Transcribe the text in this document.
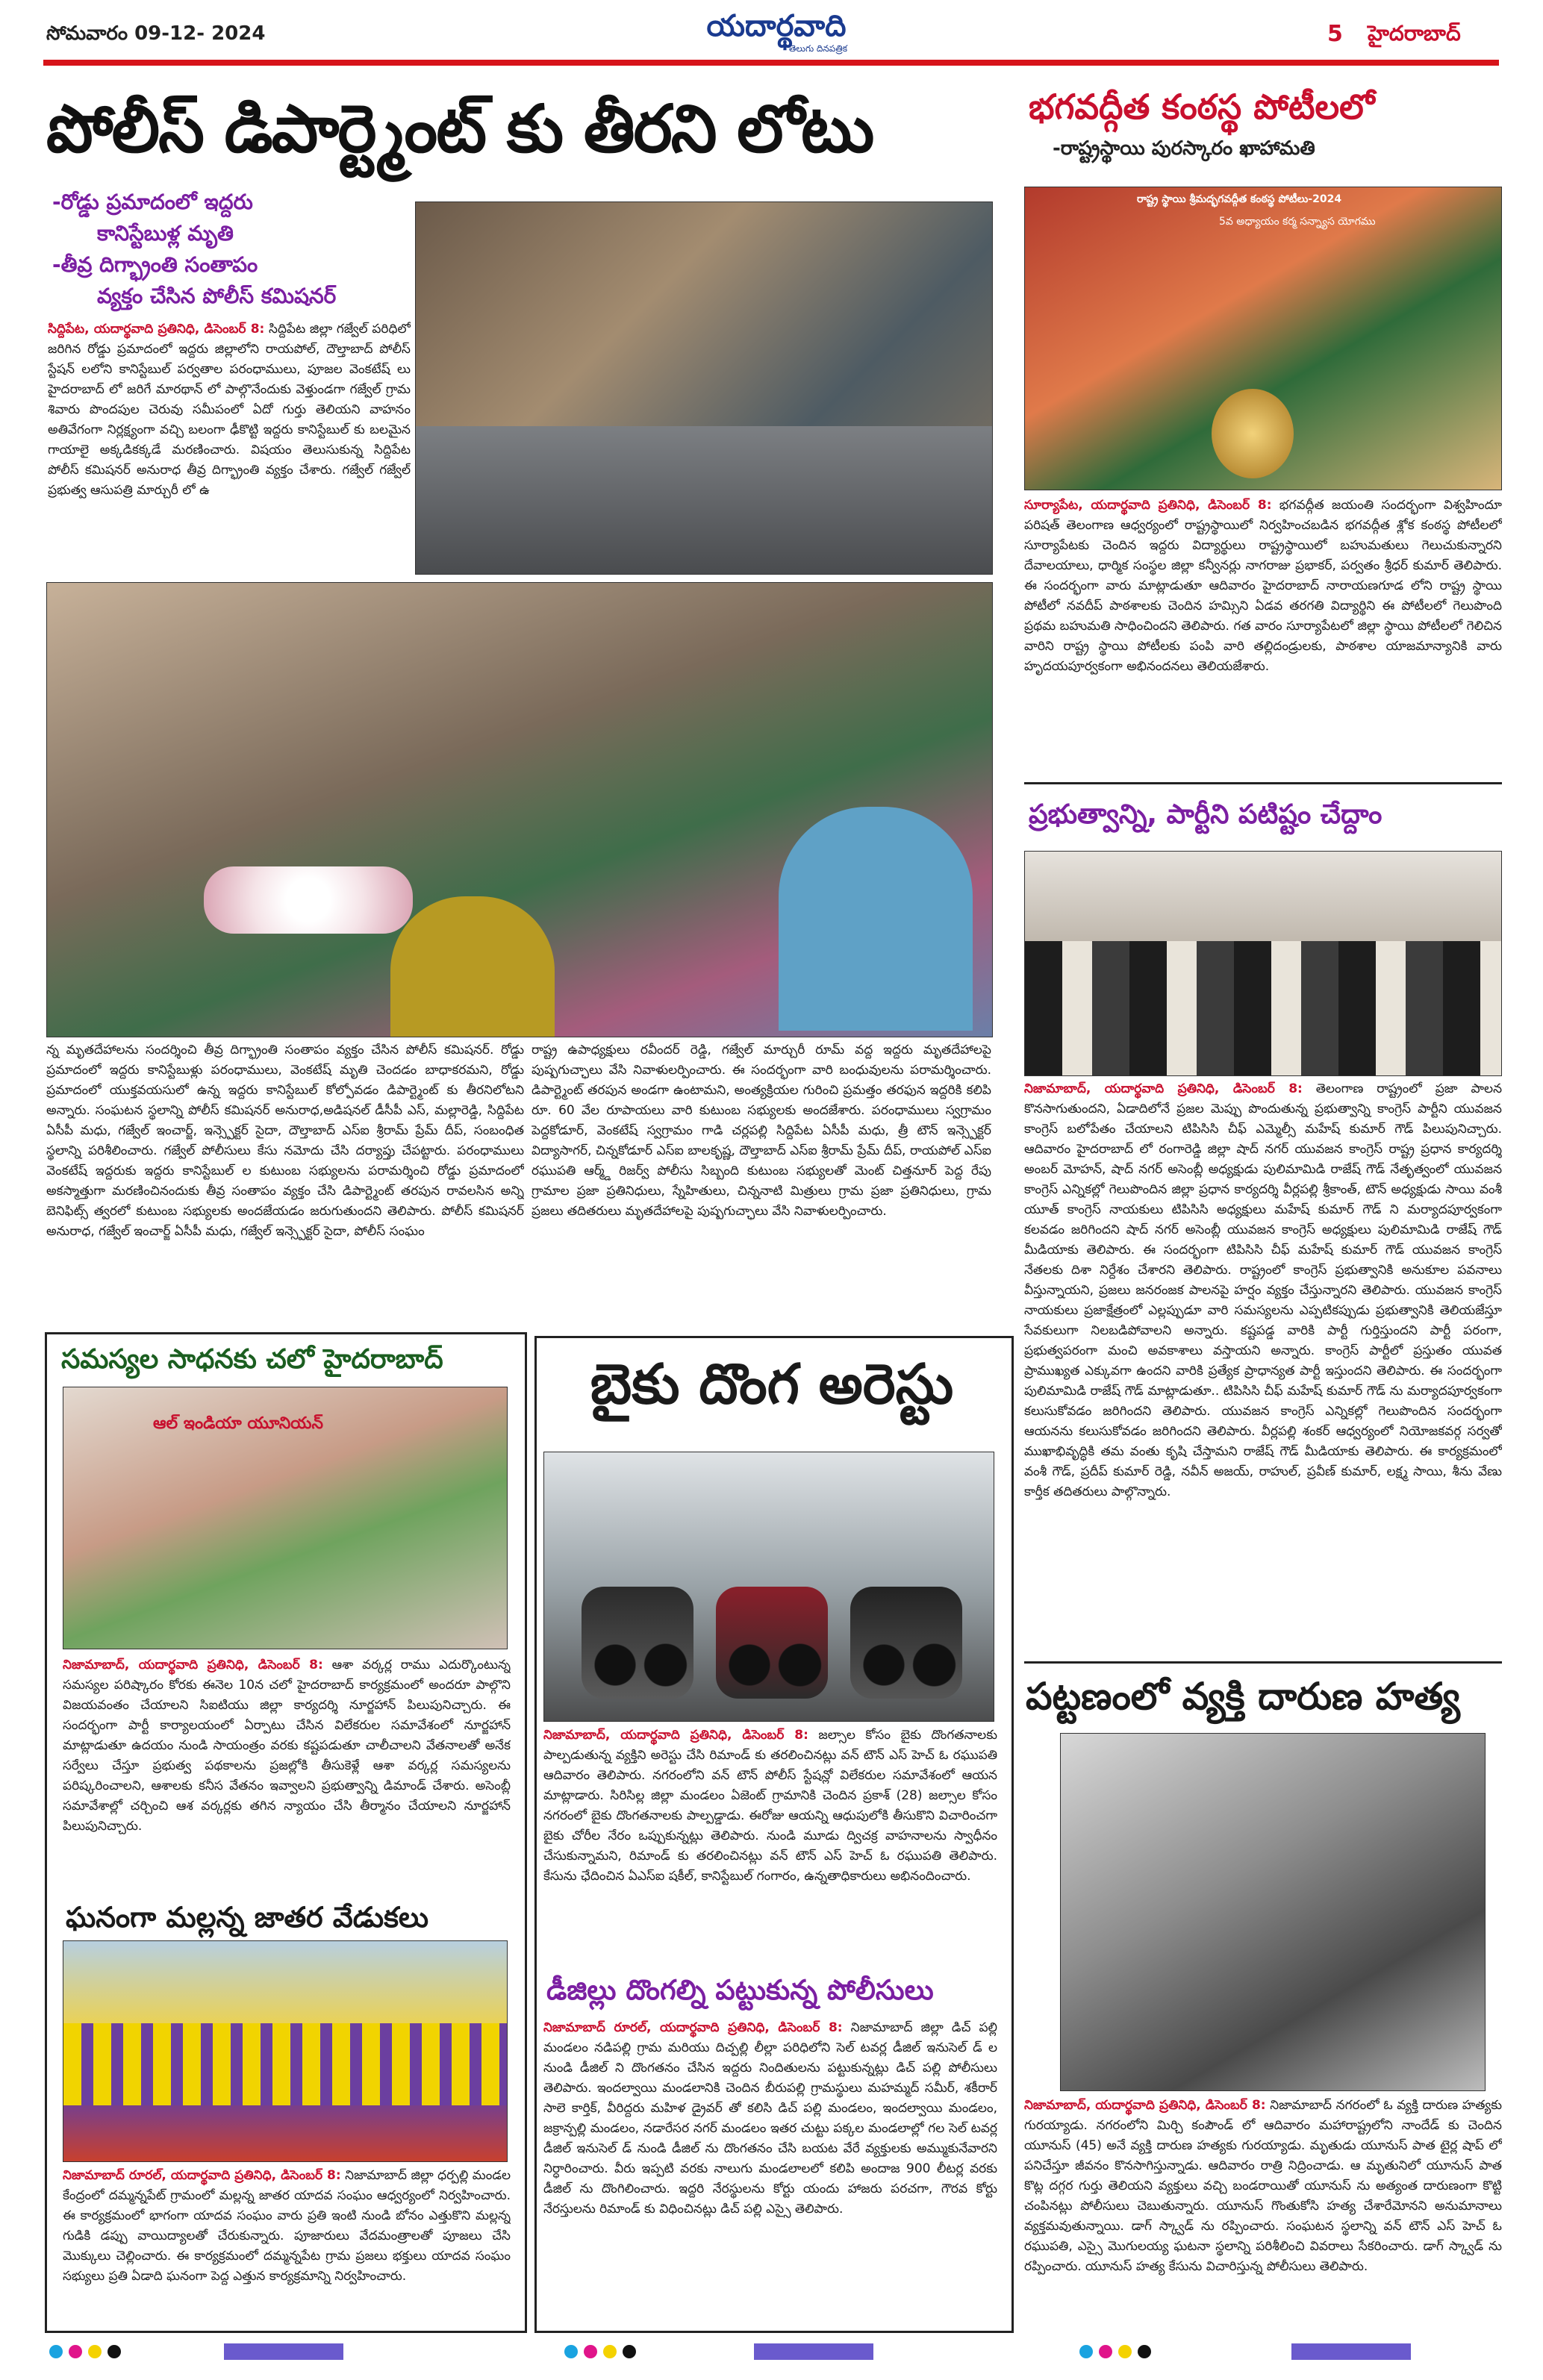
సోమవారం 09-12- 2024	యదార్థవాది
తెలుగు దినపత్రిక
5 హైదరాబాద్
పోలీస్ డిపార్ట్మెంట్ కు తీరని లోటు
-రోడ్డు ప్రమాదంలో ఇద్దరు
కానిస్టేబుళ్ల మృతి
-తీవ్ర దిగ్భ్రాంతి సంతాపం
వ్యక్తం చేసిన పోలీస్ కమిషనర్
సిద్దిపేట, యదార్థవాది ప్రతినిధి, డిసెంబర్ 8: సిద్దిపేట జిల్లా గజ్వేల్ పరిధిలో జరిగిన రోడ్డు ప్రమాదంలో ఇద్దరు జిల్లాలోని రాయపోల్, దౌల్తాబాద్ పోలీస్ స్టేషన్ లలోని కానిస్టేబుల్ పర్వతాల పరంధాములు, పూజల వెంకటేష్ లు హైదరాబాద్ లో జరిగే మారథాన్ లో పాల్గొనేందుకు వెళ్తుండగా గజ్వేల్ గ్రామ శివారు పొందపుల చెరువు సమీపంలో ఏదో గుర్తు తెలియని వాహనం అతివేగంగా నిర్లక్ష్యంగా వచ్చి బలంగా ఢీకొట్టి ఇద్దరు కానిస్టేబుల్ కు బలమైన గాయాలై అక్కడికక్కడే మరణించారు. విషయం తెలుసుకున్న సిద్దిపేట పోలీస్ కమిషనర్ అనురాధ తీవ్ర దిగ్భ్రాంతి వ్యక్తం చేశారు. గజ్వేల్ గజ్వేల్ ప్రభుత్వ ఆసుపత్రి మార్చురీ లో ఉ
న్న మృతదేహాలను సందర్శించి తీవ్ర దిగ్భ్రాంతి సంతాపం వ్యక్తం చేసిన పోలీస్ కమిషనర్. రోడ్డు ప్రమాదంలో ఇద్దరు కానిస్టేబుళ్లు పరంధాములు, వెంకటేష్ మృతి చెందడం బాధాకరమని, రోడ్డు ప్రమాదంలో యుక్తవయసులో ఉన్న ఇద్దరు కానిస్టేబుల్ కోల్పోవడం డిపార్ట్మెంట్ కు తీరనిలోటని అన్నారు. సంఘటన స్థలాన్ని పోలీస్ కమిషనర్ అనురాధ,అడిషనల్ డీసీపీ ఎస్, మల్లారెడ్డి, సిద్దిపేట ఏసీపీ మధు, గజ్వేల్ ఇంచార్జ్, ఇన్స్పెక్టర్ సైదా, దౌల్తాబాద్ ఎస్ఐ శ్రీరామ్ ప్రేమ్ దీప్, సంబంధిత స్థలాన్ని పరిశీలించారు. గజ్వేల్ పోలీసులు కేసు నమోదు చేసి దర్యాప్తు చేపట్టారు. పరంధాములు వెంకటేష్ ఇద్దరుకు ఇద్దరు కానిస్టేబుల్ ల కుటుంబ సభ్యులను పరామర్శించి రోడ్డు ప్రమాదంలో అకస్మాత్తుగా మరణించినందుకు తీవ్ర సంతాపం వ్యక్తం చేసి డిపార్ట్మెంట్ తరపున రావలసిన అన్ని బెనిఫిట్స్ త్వరలో కుటుంబ సభ్యులకు అందజేయడం జరుగుతుందని తెలిపారు. పోలీస్ కమిషనర్ అనురాధ, గజ్వేల్ ఇంచార్జ్ ఏసీపీ మధు, గజ్వేల్ ఇన్స్పెక్టర్ సైదా, పోలీస్ సంఘం
రాష్ట్ర ఉపాధ్యక్షులు రవీందర్ రెడ్డి, గజ్వేల్ మార్చురీ రూమ్ వద్ద ఇద్దరు మృతదేహాలపై పుష్పగుచ్ఛాలు వేసి నివాళులర్పించారు. ఈ సందర్భంగా వారి బంధువులను పరామర్శించారు. డిపార్ట్మెంట్ తరపున అండగా ఉంటామని, అంత్యక్రియల గురించి ప్రమత్తం తరఫున ఇద్దరికి కలిపి రూ. 60 వేల రూపాయలు వారి కుటుంబ సభ్యులకు అందజేశారు. పరంధాములు స్వగ్రామం పెద్దకోడూర్, వెంకటేష్ స్వగ్రామం గాడి చర్లపల్లి సిద్దిపేట ఏసీపీ మధు, త్రీ టౌన్ ఇన్స్పెక్టర్ విద్యాసాగర్, చిన్నకోడూర్ ఎస్ఐ బాలకృష్ణ, దౌల్తాబాద్ ఎస్ఐ శ్రీరామ్ ప్రేమ్ దీప్, రాయపోల్ ఎస్ఐ రఘుపతి ఆర్మ్డ్ రిజర్వ్ పోలీసు సిబ్బంది కుటుంబ సభ్యులతో మెంట్ చిత్తనూర్ పెద్ద రేపు గ్రామాల ప్రజా ప్రతినిధులు, స్నేహితులు, చిన్ననాటి మిత్రులు గ్రామ ప్రజా ప్రతినిధులు, గ్రామ ప్రజలు తదితరులు మృతదేహాలపై పుష్పగుచ్ఛాలు వేసి నివాళులర్పించారు.
భగవద్గీత కంఠస్థ పోటీలలో
-రాష్ట్రస్థాయి పురస్కారం ఖాహామతి
రాష్ట్ర స్థాయి శ్రీమద్భగవద్గీత కంఠస్థ పోటీలు-2024
5వ అధ్యాయం కర్మ సన్న్యాస యోగము
సూర్యాపేట, యదార్థవాది ప్రతినిధి, డిసెంబర్ 8: భగవద్గీత జయంతి సందర్భంగా విశ్వహిందూ పరిషత్ తెలంగాణ ఆధ్వర్యంలో రాష్ట్రస్థాయిలో నిర్వహించబడిన భగవద్గీత శ్లోక కంఠస్థ పోటీలలో సూర్యాపేటకు చెందిన ఇద్దరు విద్యార్థులు రాష్ట్రస్థాయిలో బహుమతులు గెలుచుకున్నారని దేవాలయాలు, ధార్మిక సంస్థల జిల్లా కన్వీనర్లు నాగరాజు ప్రభాకర్, పర్వతం శ్రీధర్ కుమార్ తెలిపారు. ఈ సందర్భంగా వారు మాట్లాడుతూ ఆదివారం హైదరాబాద్ నారాయణగూడ లోని రాష్ట్ర స్థాయి పోటీలో నవదీప్ పాఠశాలకు చెందిన హమ్సిని ఏడవ తరగతి విద్యార్థిని ఈ పోటీలలో గెలుపొంది ప్రథమ బహుమతి సాధించిందని తెలిపారు. గత వారం సూర్యాపేటలో జిల్లా స్థాయి పోటీలలో గెలిచిన వారిని రాష్ట్ర స్థాయి పోటీలకు పంపి వారి తల్లిదండ్రులకు, పాఠశాల యాజమాన్యానికి వారు హృదయపూర్వకంగా అభినందనలు తెలియజేశారు.
ప్రభుత్వాన్ని, పార్టీని పటిష్టం చేద్దాం
నిజామాబాద్, యదార్థవాది ప్రతినిధి, డిసెంబర్ 8: తెలంగాణ రాష్ట్రంలో ప్రజా పాలన కొనసాగుతుందని, ఏడాదిలోనే ప్రజల మెప్పు పొందుతున్న ప్రభుత్వాన్ని కాంగ్రెస్ పార్టీని యువజన కాంగ్రెస్ బలోపేతం చేయాలని టిపిసిసి చీఫ్ ఎమ్మెల్సీ మహేష్ కుమార్ గౌడ్ పిలుపునిచ్చారు. ఆదివారం హైదరాబాద్ లో రంగారెడ్డి జిల్లా షాద్ నగర్ యువజన కాంగ్రెస్ రాష్ట్ర ప్రధాన కార్యదర్శి అంబర్ మోహన్, షాద్ నగర్ అసెంబ్లీ అధ్యక్షుడు పులిమామిడి రాజేష్ గౌడ్ నేతృత్వంలో యువజన కాంగ్రెస్ ఎన్నికల్లో గెలుపొందిన జిల్లా ప్రధాన కార్యదర్శి వీర్లపల్లి శ్రీకాంత్, టౌన్ అధ్యక్షుడు సాయి వంశీ యూత్ కాంగ్రెస్ నాయకులు టిపిసిసి అధ్యక్షులు మహేష్ కుమార్ గౌడ్ ని మర్యాదపూర్వకంగా కలవడం జరిగిందని షాద్ నగర్ అసెంబ్లీ యువజన కాంగ్రెస్ అధ్యక్షులు పులిమామిడి రాజేష్ గౌడ్ మీడియాకు తెలిపారు. ఈ సందర్భంగా టిపిసిసి చీఫ్ మహేష్ కుమార్ గౌడ్ యువజన కాంగ్రెస్ నేతలకు దిశా నిర్దేశం చేశారని తెలిపారు. రాష్ట్రంలో కాంగ్రెస్ ప్రభుత్వానికి అనుకూల పవనాలు వీస్తున్నాయని, ప్రజలు జనరంజక పాలనపై హర్షం వ్యక్తం చేస్తున్నారని తెలిపారు. యువజన కాంగ్రెస్ నాయకులు ప్రజాక్షేత్రంలో ఎల్లప్పుడూ వారి సమస్యలను ఎప్పటికప్పుడు ప్రభుత్వానికి తెలియజేస్తూ సేవకులుగా నిలబడిపోవాలని అన్నారు. కష్టపడ్డ వారికి పార్టీ గుర్తిస్తుందని పార్టీ పరంగా, ప్రభుత్వపరంగా మంచి అవకాశాలు వస్తాయని అన్నారు. కాంగ్రెస్ పార్టీలో ప్రస్తుతం యువత ప్రాముఖ్యత ఎక్కువగా ఉందని వారికి ప్రత్యేక ప్రాధాన్యత పార్టీ ఇస్తుందని తెలిపారు. ఈ సందర్భంగా పులిమామిడి రాజేష్ గౌడ్ మాట్లాడుతూ.. టిపిసిసి చీఫ్ మహేష్ కుమార్ గౌడ్ ను మర్యాదపూర్వకంగా కలుసుకోవడం జరిగిందని తెలిపారు. యువజన కాంగ్రెస్ ఎన్నికల్లో గెలుపొందిన సందర్భంగా ఆయనను కలుసుకోవడం జరిగిందని తెలిపారు. వీర్లపల్లి శంకర్ ఆధ్వర్యంలో నియోజకవర్గ సర్వతో ముఖాభివృద్ధికి తమ వంతు కృషి చేస్తామని రాజేష్ గౌడ్ మీడియాకు తెలిపారు. ఈ కార్యక్రమంలో వంశీ గౌడ్, ప్రదీప్ కుమార్ రెడ్డి, నవీన్ అజయ్, రాహుల్, ప్రవీణ్ కుమార్, లక్ష్మ సాయి, శీను వేణు కార్తీక తదితరులు పాల్గొన్నారు.
పట్టణంలో వ్యక్తి దారుణ హత్య
నిజామాబాద్, యదార్థవాది ప్రతినిధి, డిసెంబర్ 8: నిజామాబాద్ నగరంలో ఓ వ్యక్తి దారుణ హత్యకు గురయ్యాడు. నగరంలోని మిర్చి కంపౌండ్ లో ఆదివారం మహారాష్ట్రలోని నాందేడ్ కు చెందిన యూనుస్ (45) అనే వ్యక్తి దారుణ హత్యకు గురయ్యాడు. మృతుడు యూనుస్ పాత టైర్ల షాప్ లో పనిచేస్తూ జీవనం కొనసాగిస్తున్నాడు. ఆదివారం రాత్రి నిద్రించాడు. ఆ మృతునిలో యూనుస్ పాత కొట్ల దగ్గర గుర్తు తెలియని వ్యక్తులు వచ్చి బండరాయితో యూనుస్ ను అత్యంత దారుణంగా కొట్టి చంపినట్లు పోలీసులు చెబుతున్నారు. యూనుస్ గొంతుకోసి హత్య చేశారేమోనని అనుమానాలు వ్యక్తమవుతున్నాయి. డాగ్ స్క్వాడ్ ను రప్పించారు. సంఘటన స్థలాన్ని వన్ టౌన్ ఎస్ హెచ్ ఓ రఘుపతి, ఎస్సై మొగులయ్య ఘటనా స్థలాన్ని పరిశీలించి వివరాలు సేకరించారు. డాగ్ స్క్వాడ్ ను రప్పించారు. యూనుస్ హత్య కేసును విచారిస్తున్న పోలీసులు తెలిపారు.
సమస్యల సాధనకు చలో హైదరాబాద్
ఆల్ ఇండియా యూనియన్
నిజామాబాద్, యదార్థవాది ప్రతినిధి, డిసెంబర్ 8: ఆశా వర్కర్ల రాము ఎదుర్కొంటున్న సమస్యల పరిష్కారం కోరకు ఈనెల 10న చలో హైదరాబాద్ కార్యక్రమంలో అందరూ పాల్గొని విజయవంతం చేయాలని సిఐటియు జిల్లా కార్యదర్శి నూర్జహాన్ పిలుపునిచ్చారు. ఈ సందర్భంగా పార్టీ కార్యాలయంలో ఏర్పాటు చేసిన విలేకరుల సమావేశంలో నూర్జహాన్ మాట్లాడుతూ ఉదయం నుండి సాయంత్రం వరకు కష్టపడుతూ చాలీచాలని వేతనాలతో అనేక సర్వేలు చేస్తూ ప్రభుత్వ పథకాలను ప్రజల్లోకి తీసుకెళ్లే ఆశా వర్కర్ల సమస్యలను పరిష్కరించాలని, ఆశాలకు కనీస వేతనం ఇవ్వాలని ప్రభుత్వాన్ని డిమాండ్ చేశారు. అసెంబ్లీ సమావేశాల్లో చర్చించి ఆశ వర్కర్లకు తగిన న్యాయం చేసి తీర్మానం చేయాలని నూర్జహాన్ పిలుపునిచ్చారు.
ఘనంగా మల్లన్న జాతర వేడుకలు
నిజామాబాద్ రూరల్, యదార్థవాది ప్రతినిధి, డిసెంబర్ 8: నిజామాబాద్ జిల్లా ధర్పల్లి మండల కేంద్రంలో దమ్మన్నపేట్ గ్రామంలో మల్లన్న జాతర యాదవ సంఘం ఆధ్వర్యంలో నిర్వహించారు. ఈ కార్యక్రమంలో భాగంగా యాదవ సంఘం వారు ప్రతి ఇంటి నుండి బోనం ఎత్తుకొని మల్లన్న గుడికి డప్పు వాయిద్యాలతో చేరుకున్నారు. పూజారులు వేదమంత్రాలతో పూజలు చేసి మొక్కులు చెల్లించారు. ఈ కార్యక్రమంలో దమ్మన్నపేట గ్రామ ప్రజలు భక్తులు యాదవ సంఘం సభ్యులు ప్రతి ఏడాది ఘనంగా పెద్ద ఎత్తున కార్యక్రమాన్ని నిర్వహించారు.
బైకు దొంగ అరెస్టు
నిజామాబాద్, యదార్థవాది ప్రతినిధి, డిసెంబర్ 8: జల్సాల కోసం బైకు దొంగతనాలకు పాల్పడుతున్న వ్యక్తిని అరెస్టు చేసి రిమాండ్ కు తరలించినట్లు వన్ టౌన్ ఎస్ హెచ్ ఓ రఘుపతి ఆదివారం తెలిపారు. నగరంలోని వన్ టౌన్ పోలీస్ స్టేషన్లో విలేకరుల సమావేశంలో ఆయన మాట్లాడారు. సిరిసిల్ల జిల్లా మండలం ఏజెంట్ గ్రామానికి చెందిన ప్రకాశ్ (28) జల్సాల కోసం నగరంలో బైకు దొంగతనాలకు పాల్పడ్డాడు. ఈరోజు ఆయన్ని ఆధుపులోకి తీసుకొని విచారించగా బైకు చోరీల నేరం ఒప్పుకున్నట్లు తెలిపారు. నుండి మూడు ద్విచక్ర వాహనాలను స్వాధీనం చేసుకున్నామని, రిమాండ్ కు తరలించినట్లు వన్ టౌన్ ఎస్ హెచ్ ఓ రఘుపతి తెలిపారు. కేసును ఛేదించిన ఏఎస్ఐ షకీల్, కానిస్టేబుల్ గంగారం, ఉన్నతాధికారులు అభినందించారు.
డీజిల్లు దొంగల్ని పట్టుకున్న పోలీసులు
నిజామాబాద్ రూరల్, యదార్థవాది ప్రతినిధి, డిసెంబర్ 8: నిజామాబాద్ జిల్లా డిచ్ పల్లి మండలం నడిపల్లి గ్రామ మరియు దిచ్పల్లి లీల్లా పరిధిలోని సెల్ టవర్ల డీజిల్ ఇనుసెల్ డ్ ల నుండి డీజిల్ ని దొంగతనం చేసిన ఇద్దరు నిందితులను పట్టుకున్నట్లు డిచ్ పల్లి పోలీసులు తెలిపారు. ఇందల్వాయి మండలానికి చెందిన బీరుపల్లి గ్రామస్థులు మహమ్మద్ సమీర్, శకీరార్ సాలె కార్తిక్, వీరిద్దరు మహిళ డ్రైవర్ తో కలిసి డిచ్ పల్లి మండలం, ఇందల్వాయి మండలం, జక్రాన్పల్లి మండలం, నడారేసర నగర్ మండలం ఇతర చుట్టు పక్కల మండలాల్లో గల సెల్ టవర్ల డీజిల్ ఇనుసెల్ డ్ నుండి డీజిల్ ను దొంగతనం చేసి బయట వేరే వ్యక్తులకు అమ్ముకునేవారని నిర్ధారించారు. వీరు ఇప్పటి వరకు నాలుగు మండలాలలో కలిపి అందాజ 900 లీటర్ల వరకు డీజిల్ ను దొంగిలించారు. ఇద్దరి నేరస్థులను కోర్టు యందు హాజరు పరచగా, గౌరవ కోర్టు నేరస్తులను రిమాండ్ కు విధించినట్లు డిచ్ పల్లి ఎస్సై తెలిపారు.
